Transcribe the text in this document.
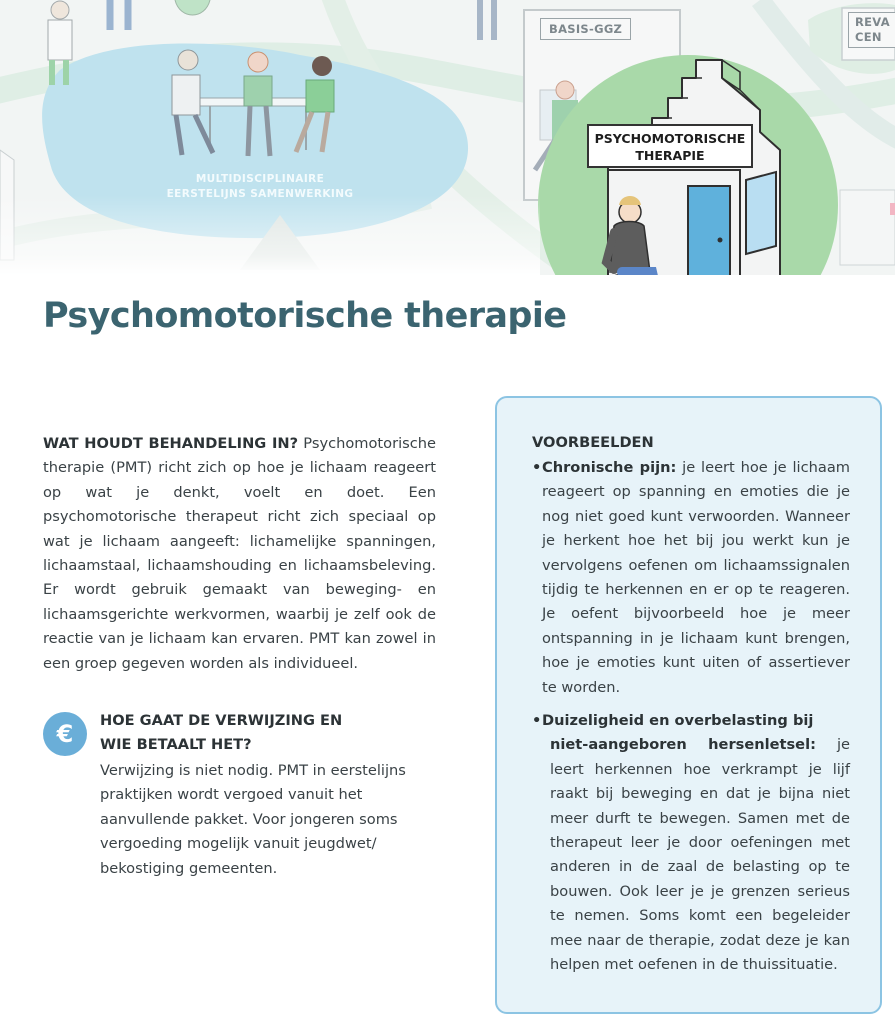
MULTIDISCIPLINAIRE
EERSTELIJNS SAMENWERKING
BASIS-GGZ	REVA
CEN
PSYCHOMOTORISCHE
THERAPIE
Psychomotorische therapie

WAT HOUDT BEHANDELING IN? Psychomotorische therapie (PMT) richt zich op hoe je lichaam reageert op wat je denkt, voelt en doet. Een psychomotorische therapeut richt zich speciaal op wat je lichaam aangeeft: lichamelijke spanningen, lichaamstaal, lichaamshouding en lichaamsbeleving. Er wordt gebruik gemaakt van beweging- en lichaamsgerichte werkvormen, waarbij je zelf ook de reactie van je lichaam kan ervaren. PMT kan zowel in een groep gegeven worden als individueel.

€	HOE GAAT DE VERWIJZING EN
WIE BETAALT HET?

Verwijzing is niet nodig. PMT in eerstelijns praktijken wordt vergoed vanuit het aanvullende pakket. Voor jongeren soms vergoeding mogelijk vanuit jeugdwet/ bekostiging gemeenten.

VOORBEELDEN
• Chronische pijn: je leert hoe je lichaam reageert op spanning en emoties die je nog niet goed kunt verwoorden. Wanneer je herkent hoe het bij jou werkt kun je vervolgens oefenen om lichaamssignalen tijdig te herkennen en er op te reageren. Je oefent bijvoorbeeld hoe je meer ontspanning in je lichaam kunt brengen, hoe je emoties kunt uiten of assertiever te worden.

• Duizeligheid en overbelasting bij

niet-aangeboren hersenletsel: je leert herkennen hoe verkrampt je lijf raakt bij beweging en dat je bijna niet meer durft te bewegen. Samen met de therapeut leer je door oefeningen met anderen in de zaal de belasting op te bouwen. Ook leer je je grenzen serieus te nemen. Soms komt een begeleider mee naar de therapie, zodat deze je kan helpen met oefenen in de thuissituatie.
